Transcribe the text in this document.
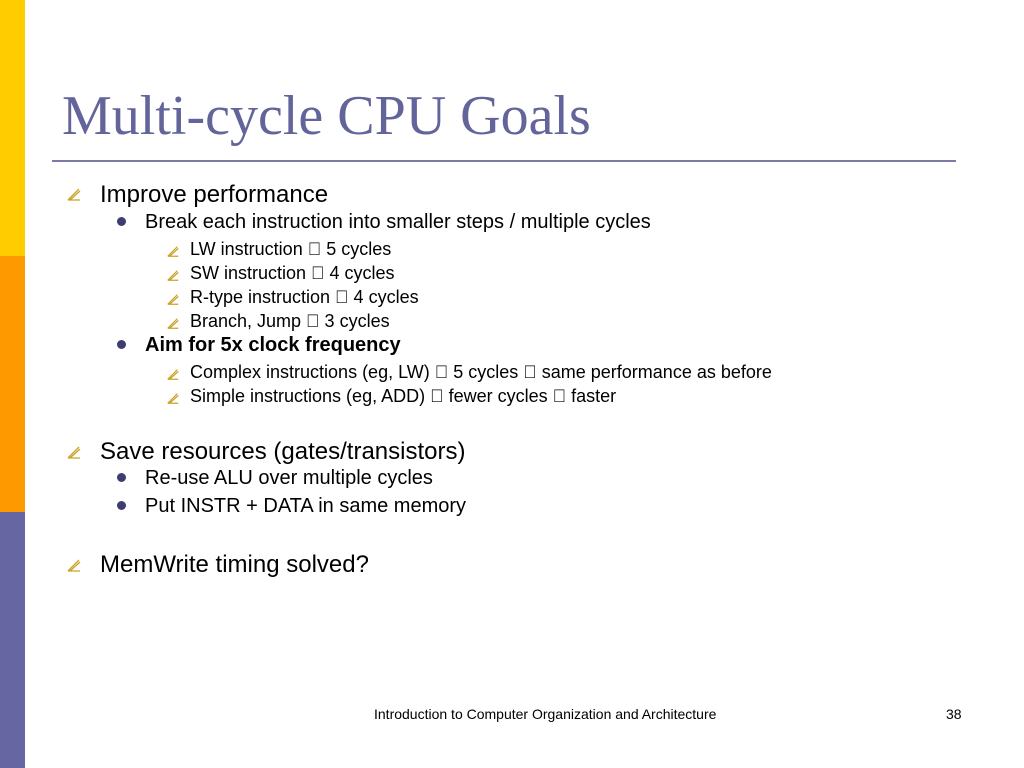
Multi-cycle CPU Goals
Improve performance
Break each instruction into smaller steps / multiple cycles
LW instruction 5 cycles
SW instruction 4 cycles
R-type instruction 4 cycles
Branch, Jump 3 cycles
Aim for 5x clock frequency
Complex instructions (eg, LW) 5 cycles same performance as before
Simple instructions (eg, ADD) fewer cycles faster
Save resources (gates/transistors)
Re-use ALU over multiple cycles
Put INSTR + DATA in same memory
MemWrite timing solved?
Introduction to Computer Organization and Architecture	38
